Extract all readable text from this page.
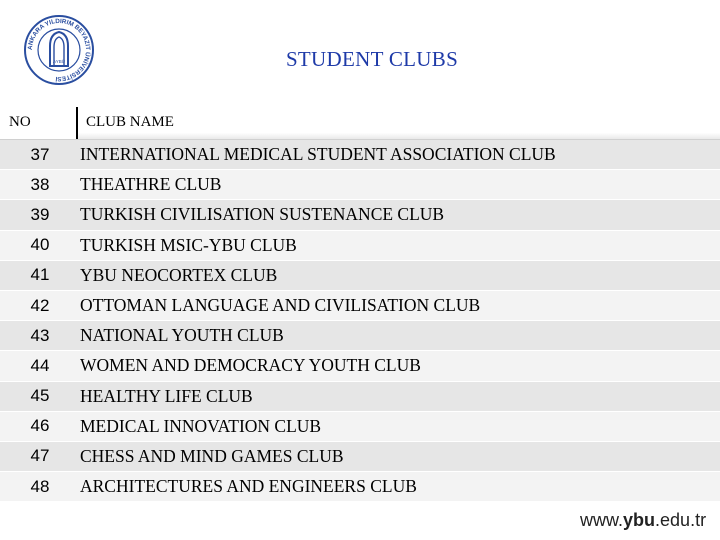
ANKARA YILDIRIM BEYAZIT ÜNİVERSİTESİ
AYBÜ	STUDENT CLUBS
NO	CLUB NAME
37	INTERNATIONAL MEDICAL STUDENT ASSOCIATION CLUB
38	THEATHRE CLUB
39	TURKISH CIVILISATION SUSTENANCE CLUB
40	TURKISH MSIC-YBU CLUB
41	YBU NEOCORTEX CLUB
42	OTTOMAN LANGUAGE AND CIVILISATION CLUB
43	NATIONAL YOUTH CLUB
44	WOMEN AND DEMOCRACY YOUTH CLUB
45	HEALTHY LIFE CLUB
46	MEDICAL INNOVATION CLUB
47	CHESS AND MIND GAMES CLUB
48	ARCHITECTURES AND ENGINEERS CLUB
www.ybu.edu.tr
